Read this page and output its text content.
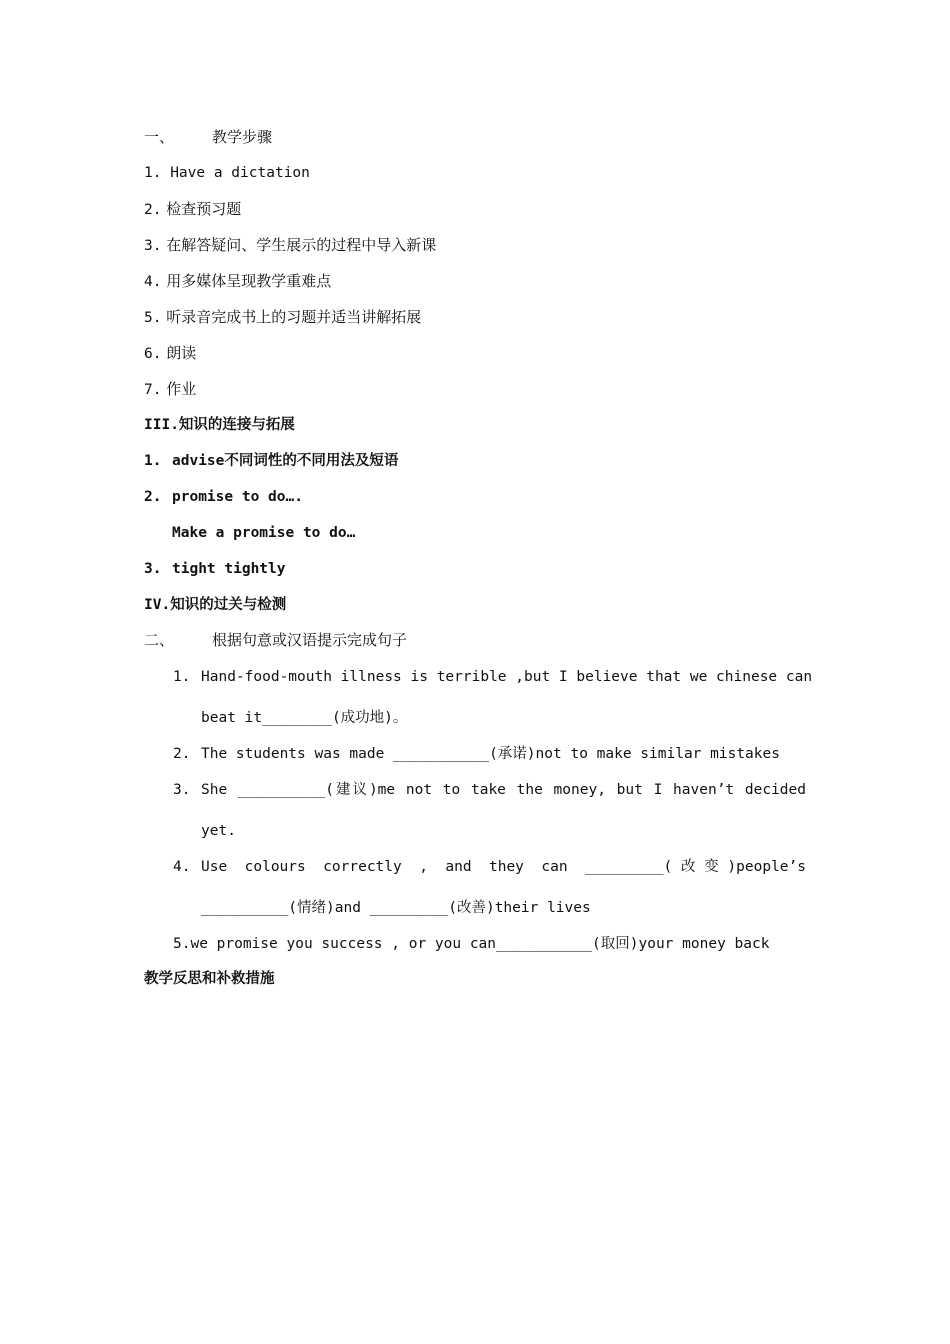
一、	教学步骤
1. Have a dictation
2. 检查预习题
3. 在解答疑问、学生展示的过程中导入新课
4. 用多媒体呈现教学重难点
5. 听录音完成书上的习题并适当讲解拓展
6. 朗读
7. 作业
III.知识的连接与拓展
1. advise不同词性的不同用法及短语
2. promise to do….
Make a promise to do…
3. tight tightly
IV.知识的过关与检测
二、	根据句意或汉语提示完成句子
1. Hand-food-mouth illness is terrible ,but I believe that we chinese can
beat it________(成功地)。
2. The students was made ___________(承诺)not to make similar mistakes
3. She __________(建议)me not to take the money, but I haven’t decided
yet.
4. Use colours correctly , and they can _________(改变)people’s
__________(情绪)and _________(改善)their lives
5.we promise you success , or you can___________(取回)your money back
教学反思和补救措施
